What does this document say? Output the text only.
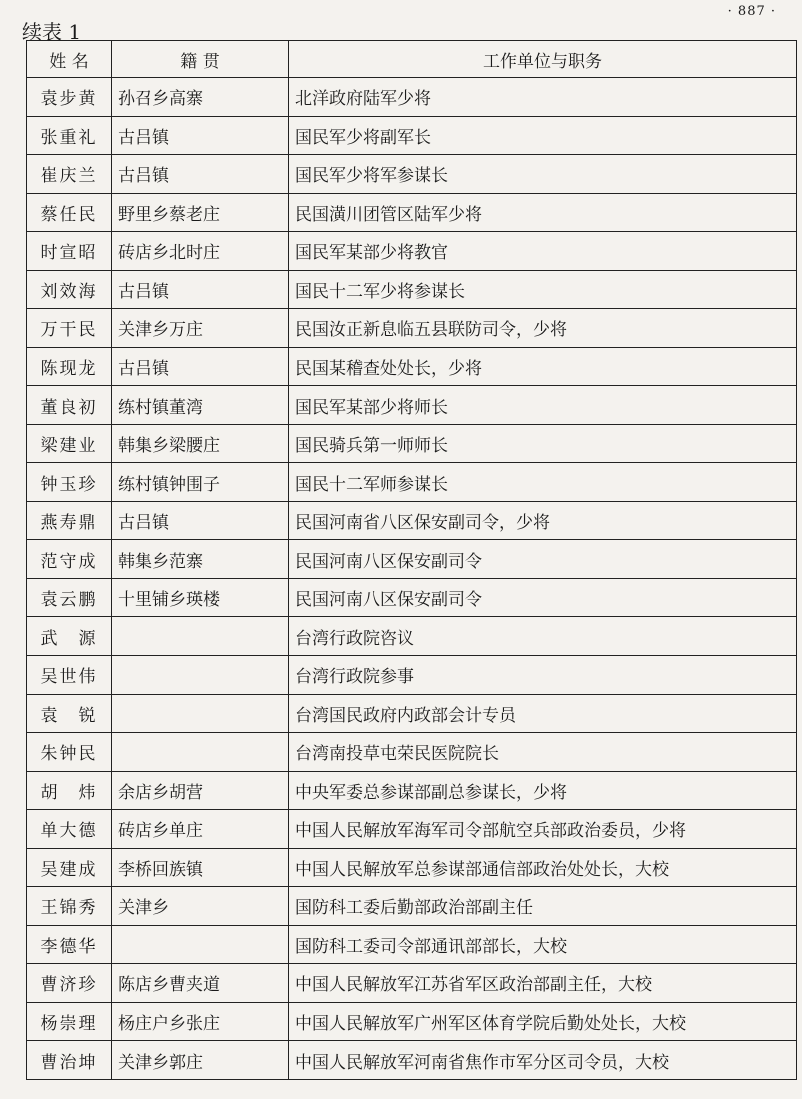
· 887 ·
续表 1
姓 名	籍 贯	工作单位与职务
袁步黄	孙召乡高寨	北洋政府陆军少将
张重礼	古吕镇	国民军少将副军长
崔庆兰	古吕镇	国民军少将军参谋长
蔡任民	野里乡蔡老庄	民国潢川团管区陆军少将
时宣昭	砖店乡北时庄	国民军某部少将教官
刘效海	古吕镇	国民十二军少将参谋长
万干民	关津乡万庄	民国汝正新息临五县联防司令，少将
陈现龙	古吕镇	民国某稽查处处长，少将
董良初	练村镇董湾	国民军某部少将师长
梁建业	韩集乡梁腰庄	国民骑兵第一师师长
钟玉珍	练村镇钟围子	国民十二军师参谋长
燕寿鼎	古吕镇	民国河南省八区保安副司令，少将
范守成	韩集乡范寨	民国河南八区保安副司令
袁云鹏	十里铺乡瑛楼	民国河南八区保安副司令
武　源		台湾行政院咨议
吴世伟		台湾行政院参事
袁　锐		台湾国民政府内政部会计专员
朱钟民		台湾南投草屯荣民医院院长
胡　炜	余店乡胡营	中央军委总参谋部副总参谋长，少将
单大德	砖店乡单庄	中国人民解放军海军司令部航空兵部政治委员，少将
吴建成	李桥回族镇	中国人民解放军总参谋部通信部政治处处长，大校
王锦秀	关津乡	国防科工委后勤部政治部副主任
李德华		国防科工委司令部通讯部部长，大校
曹济珍	陈店乡曹夹道	中国人民解放军江苏省军区政治部副主任，大校
杨崇理	杨庄户乡张庄	中国人民解放军广州军区体育学院后勤处处长，大校
曹治坤	关津乡郭庄	中国人民解放军河南省焦作市军分区司令员，大校
